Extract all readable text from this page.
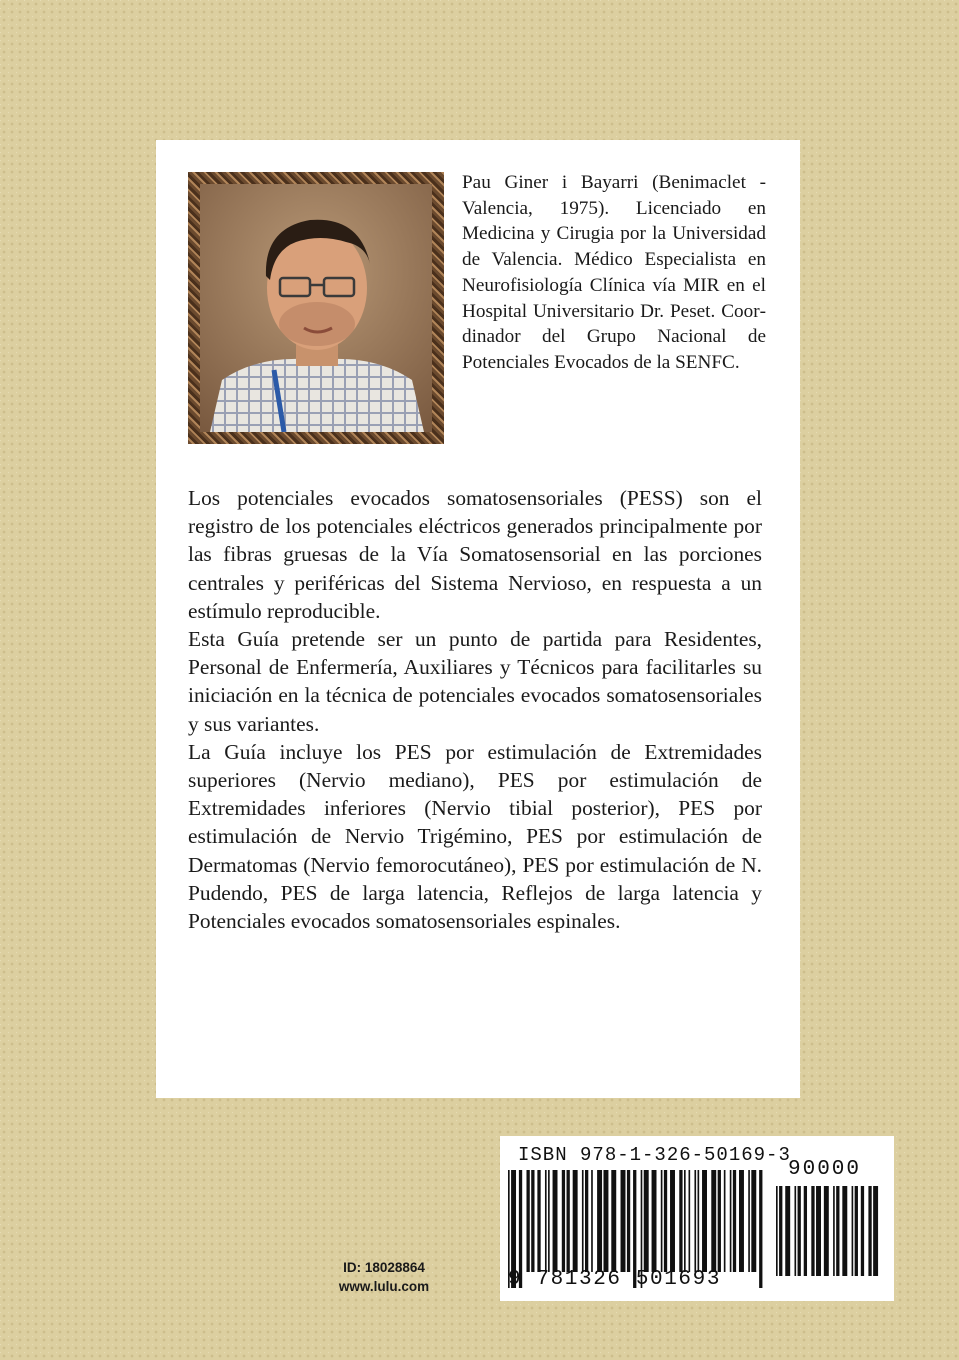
Pau Giner i Bayarri (Benimaclet - Valencia, 1975). Licenciado en Medicina y Cirugia por la Universidad de Valencia. Médico Especialista en Neurofisiología Clínica vía MIR en el Hospital Universitario Dr. Peset. Coordinador del Grupo Nacional de Potenciales Evocados de la SENFC.

Los potenciales evocados somatosensoriales (PESS) son el registro de los potenciales eléctricos generados principalmente por las fibras gruesas de la Vía Somatosensorial en las porciones centrales y periféricas del Sistema Nervioso, en respuesta a un estímulo reproducible.

Esta Guía pretende ser un punto de partida para Residentes, Personal de Enfermería, Auxiliares y Técnicos para facilitarles su iniciación en la técnica de potenciales evocados somatosensoriales y sus variantes.

La Guía incluye los PES por estimulación de Extremidades superiores (Nervio mediano), PES por estimulación de Extremidades inferiores (Nervio tibial posterior), PES por estimulación de Nervio Trigémino, PES por estimulación de Dermatomas (Nervio femorocutáneo), PES por estimulación de N. Pudendo, PES de larga latencia, Reflejos de larga latencia y Potenciales evocados somatosensoriales espinales.

ID: 18028864
www.lulu.com
ISBN 978-1-326-50169-3
90000
9 781326 501693
